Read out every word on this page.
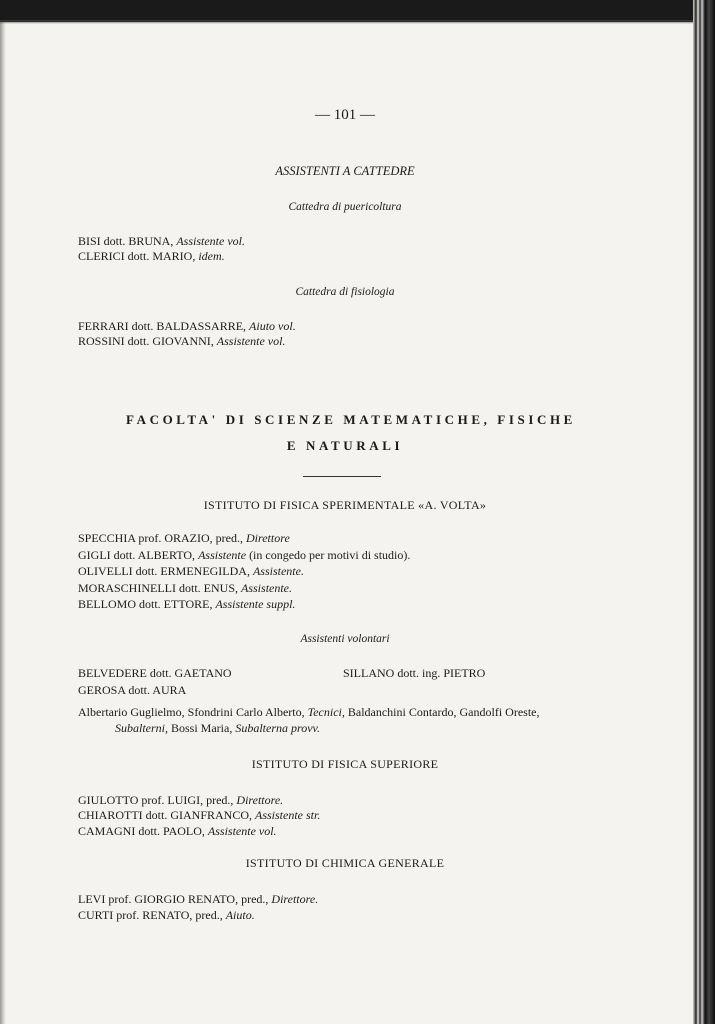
— 101 —
ASSISTENTI A CATTEDRE
Cattedra di puericoltura
BISI dott. BRUNA, Assistente vol.
CLERICI dott. MARIO, idem.
Cattedra di fisiologia
FERRARI dott. BALDASSARRE, Aiuto vol.
ROSSINI dott. GIOVANNI, Assistente vol.
FACOLTA' DI SCIENZE MATEMATICHE, FISICHE
E NATURALI
ISTITUTO DI FISICA SPERIMENTALE «A. VOLTA»
SPECCHIA prof. ORAZIO, pred., Direttore
GIGLI dott. ALBERTO, Assistente (in congedo per motivi di studio).
OLIVELLI dott. ERMENEGILDA, Assistente.
MORASCHINELLI dott. ENUS, Assistente.
BELLOMO dott. ETTORE, Assistente suppl.
Assistenti volontari
BELVEDERE dott. GAETANO	SILLANO dott. ing. PIETRO
GEROSA dott. AURA
Albertario Guglielmo, Sfondrini Carlo Alberto, Tecnici, Baldanchini Contardo, Gandolfi Oreste,
Subalterni, Bossi Maria, Subalterna provv.
ISTITUTO DI FISICA SUPERIORE
GIULOTTO prof. LUIGI, pred., Direttore.
CHIAROTTI dott. GIANFRANCO, Assistente str.
CAMAGNI dott. PAOLO, Assistente vol.
ISTITUTO DI CHIMICA GENERALE
LEVI prof. GIORGIO RENATO, pred., Direttore.
CURTI prof. RENATO, pred., Aiuto.
